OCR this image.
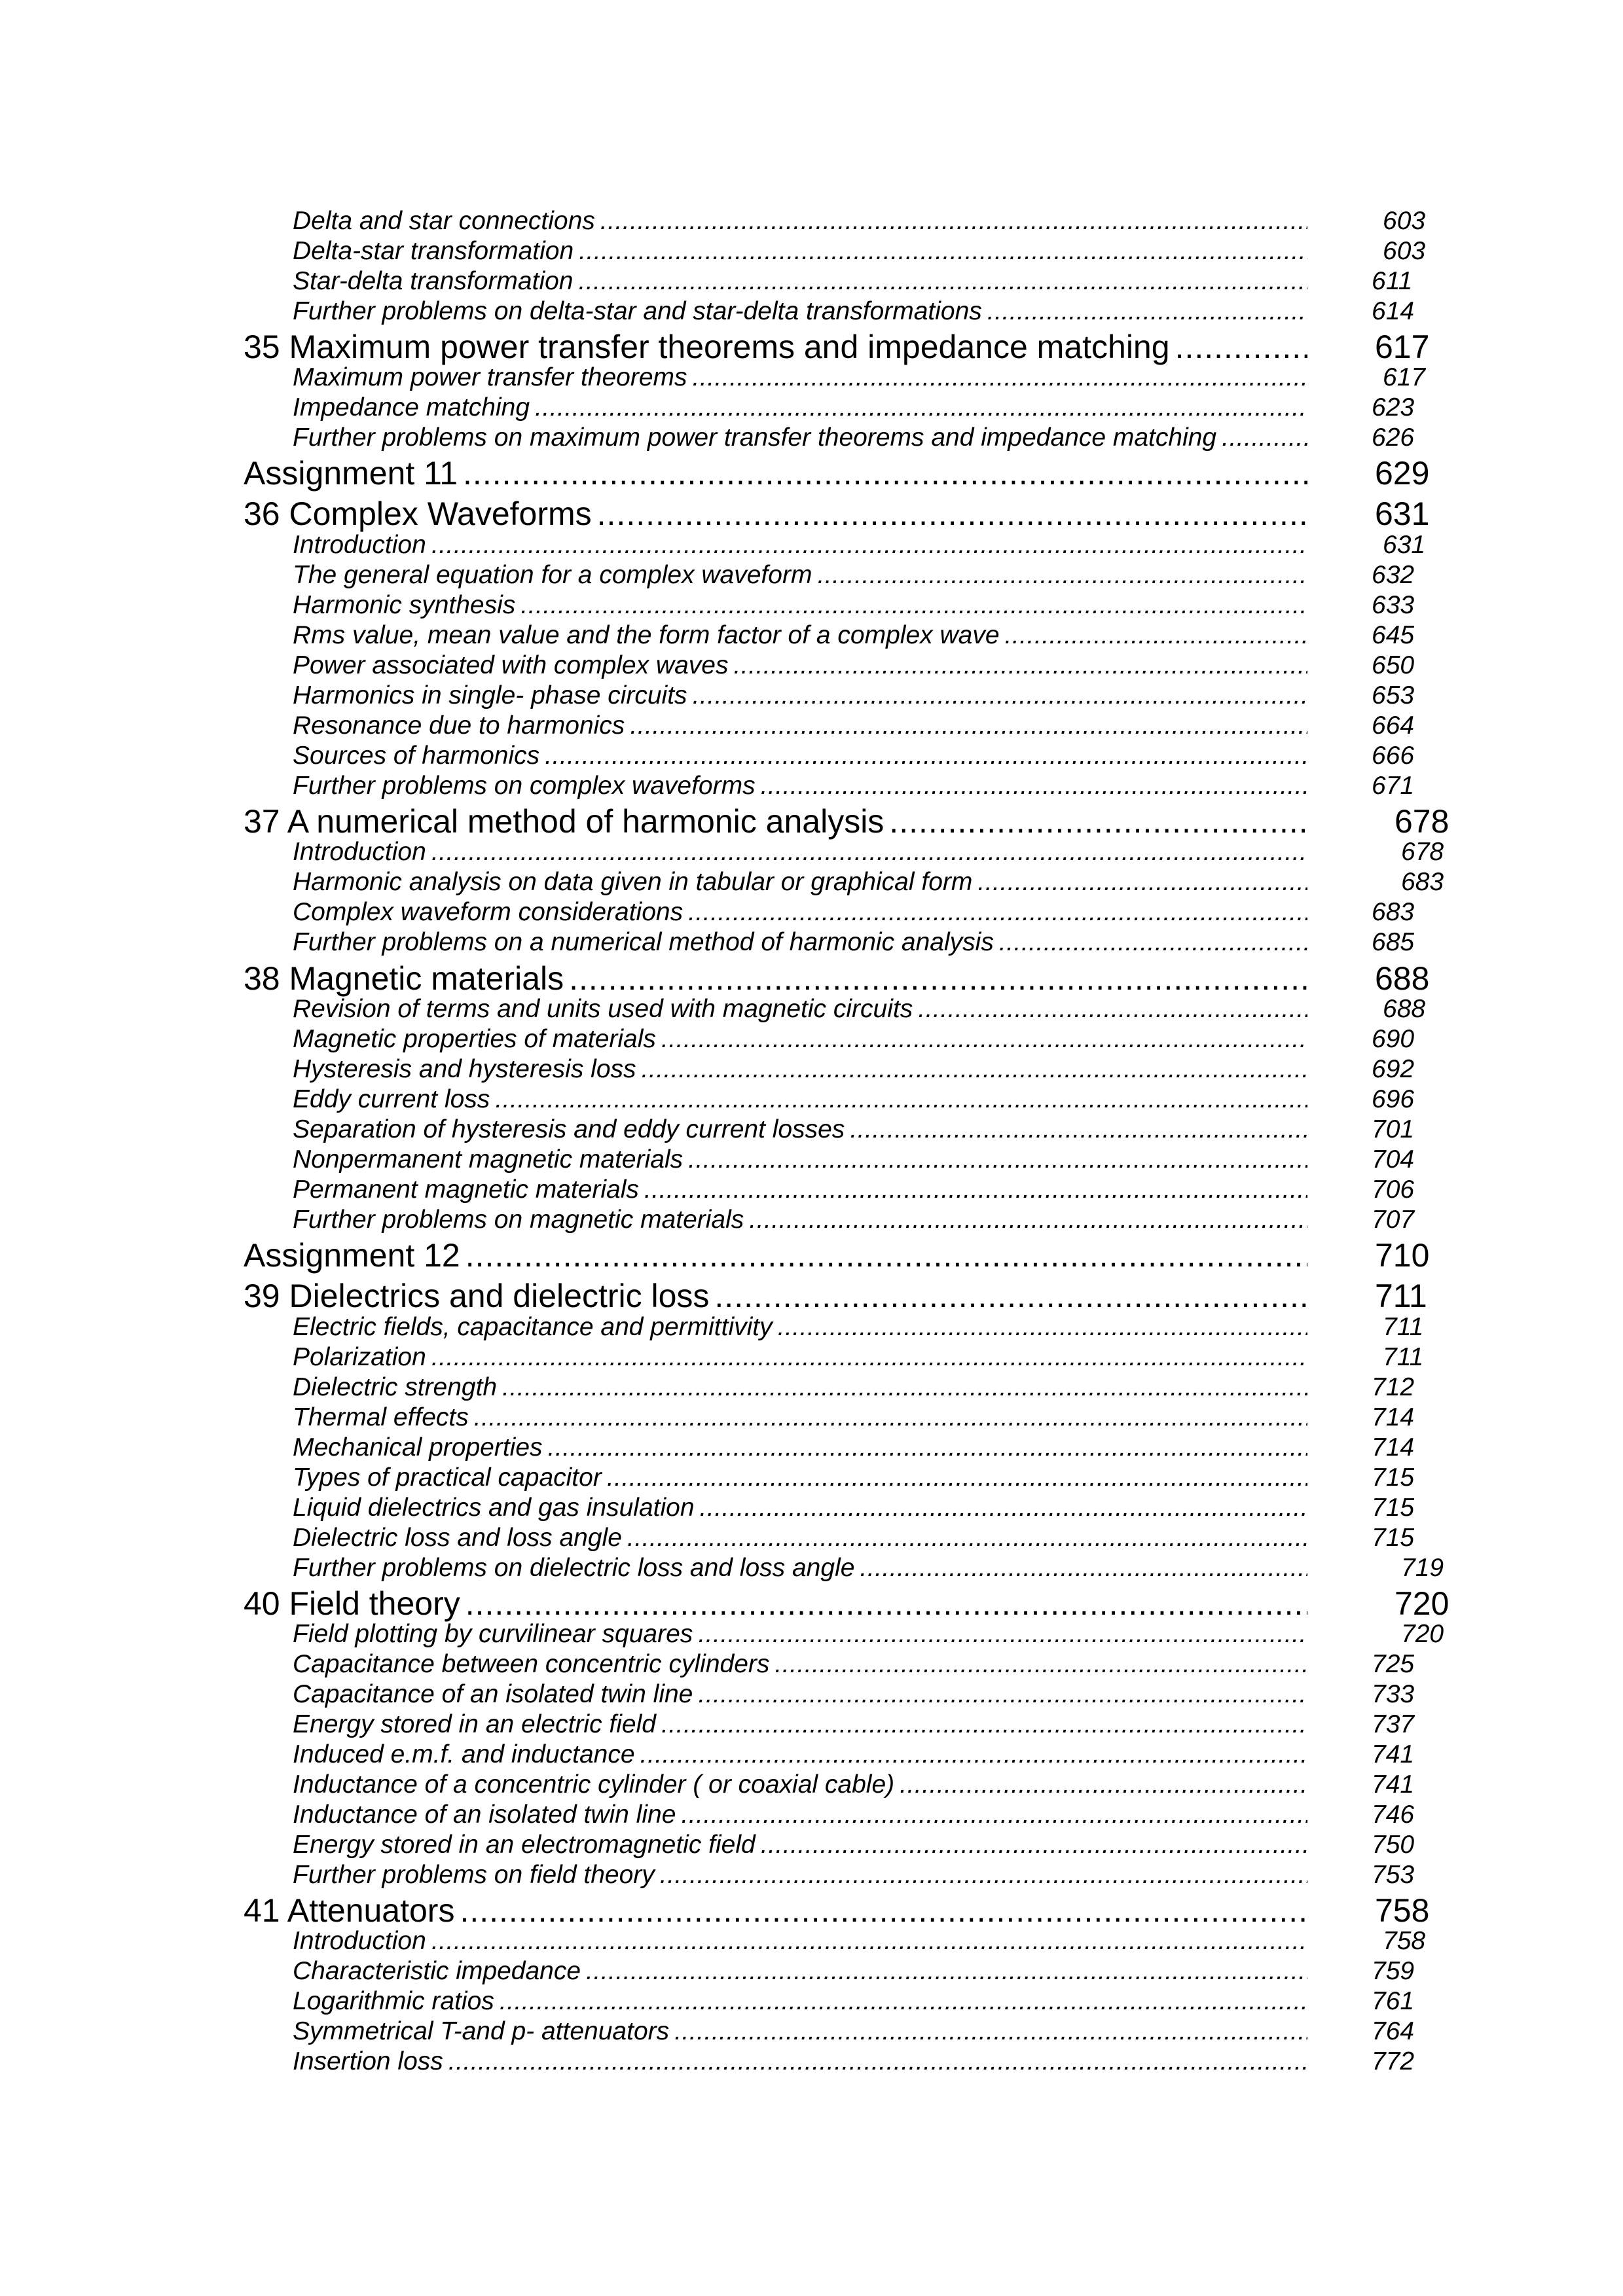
Delta and star connections .....	603
Delta-star transformation .....	603
Star-delta transformation .....	611
Further problems on delta-star and star-delta transformations .....	614
35 Maximum power transfer theorems and impedance matching .....	617
Maximum power transfer theorems .....	617
Impedance matching .....	623
Further problems on maximum power transfer theorems and impedance matching .....	626
Assignment 11 .....	629
36 Complex Waveforms .....	631
Introduction .....	631
The general equation for a complex waveform .....	632
Harmonic synthesis .....	633
Rms value, mean value and the form factor of a complex wave .....	645
Power associated with complex waves .....	650
Harmonics in single- phase circuits .....	653
Resonance due to harmonics .....	664
Sources of harmonics .....	666
Further problems on complex waveforms .....	671
37 A numerical method of harmonic analysis .....	678
Introduction .....	678
Harmonic analysis on data given in tabular or graphical form .....	683
Complex waveform considerations .....	683
Further problems on a numerical method of harmonic analysis .....	685
38 Magnetic materials .....	688
Revision of terms and units used with magnetic circuits .....	688
Magnetic properties of materials .....	690
Hysteresis and hysteresis loss .....	692
Eddy current loss .....	696
Separation of hysteresis and eddy current losses .....	701
Nonpermanent magnetic materials .....	704
Permanent magnetic materials .....	706
Further problems on magnetic materials .....	707
Assignment 12 .....	710
39 Dielectrics and dielectric loss .....	711
Electric fields, capacitance and permittivity .....	711
Polarization .....	711
Dielectric strength .....	712
Thermal effects .....	714
Mechanical properties .....	714
Types of practical capacitor .....	715
Liquid dielectrics and gas insulation .....	715
Dielectric loss and loss angle .....	715
Further problems on dielectric loss and loss angle .....	719
40 Field theory .....	720
Field plotting by curvilinear squares .....	720
Capacitance between concentric cylinders .....	725
Capacitance of an isolated twin line .....	733
Energy stored in an electric field .....	737
Induced e.m.f. and inductance .....	741
Inductance of a concentric cylinder ( or coaxial cable) .....	741
Inductance of an isolated twin line .....	746
Energy stored in an electromagnetic field .....	750
Further problems on field theory .....	753
41 Attenuators .....	758
Introduction .....	758
Characteristic impedance .....	759
Logarithmic ratios .....	761
Symmetrical T-and p- attenuators .....	764
Insertion loss .....	772
